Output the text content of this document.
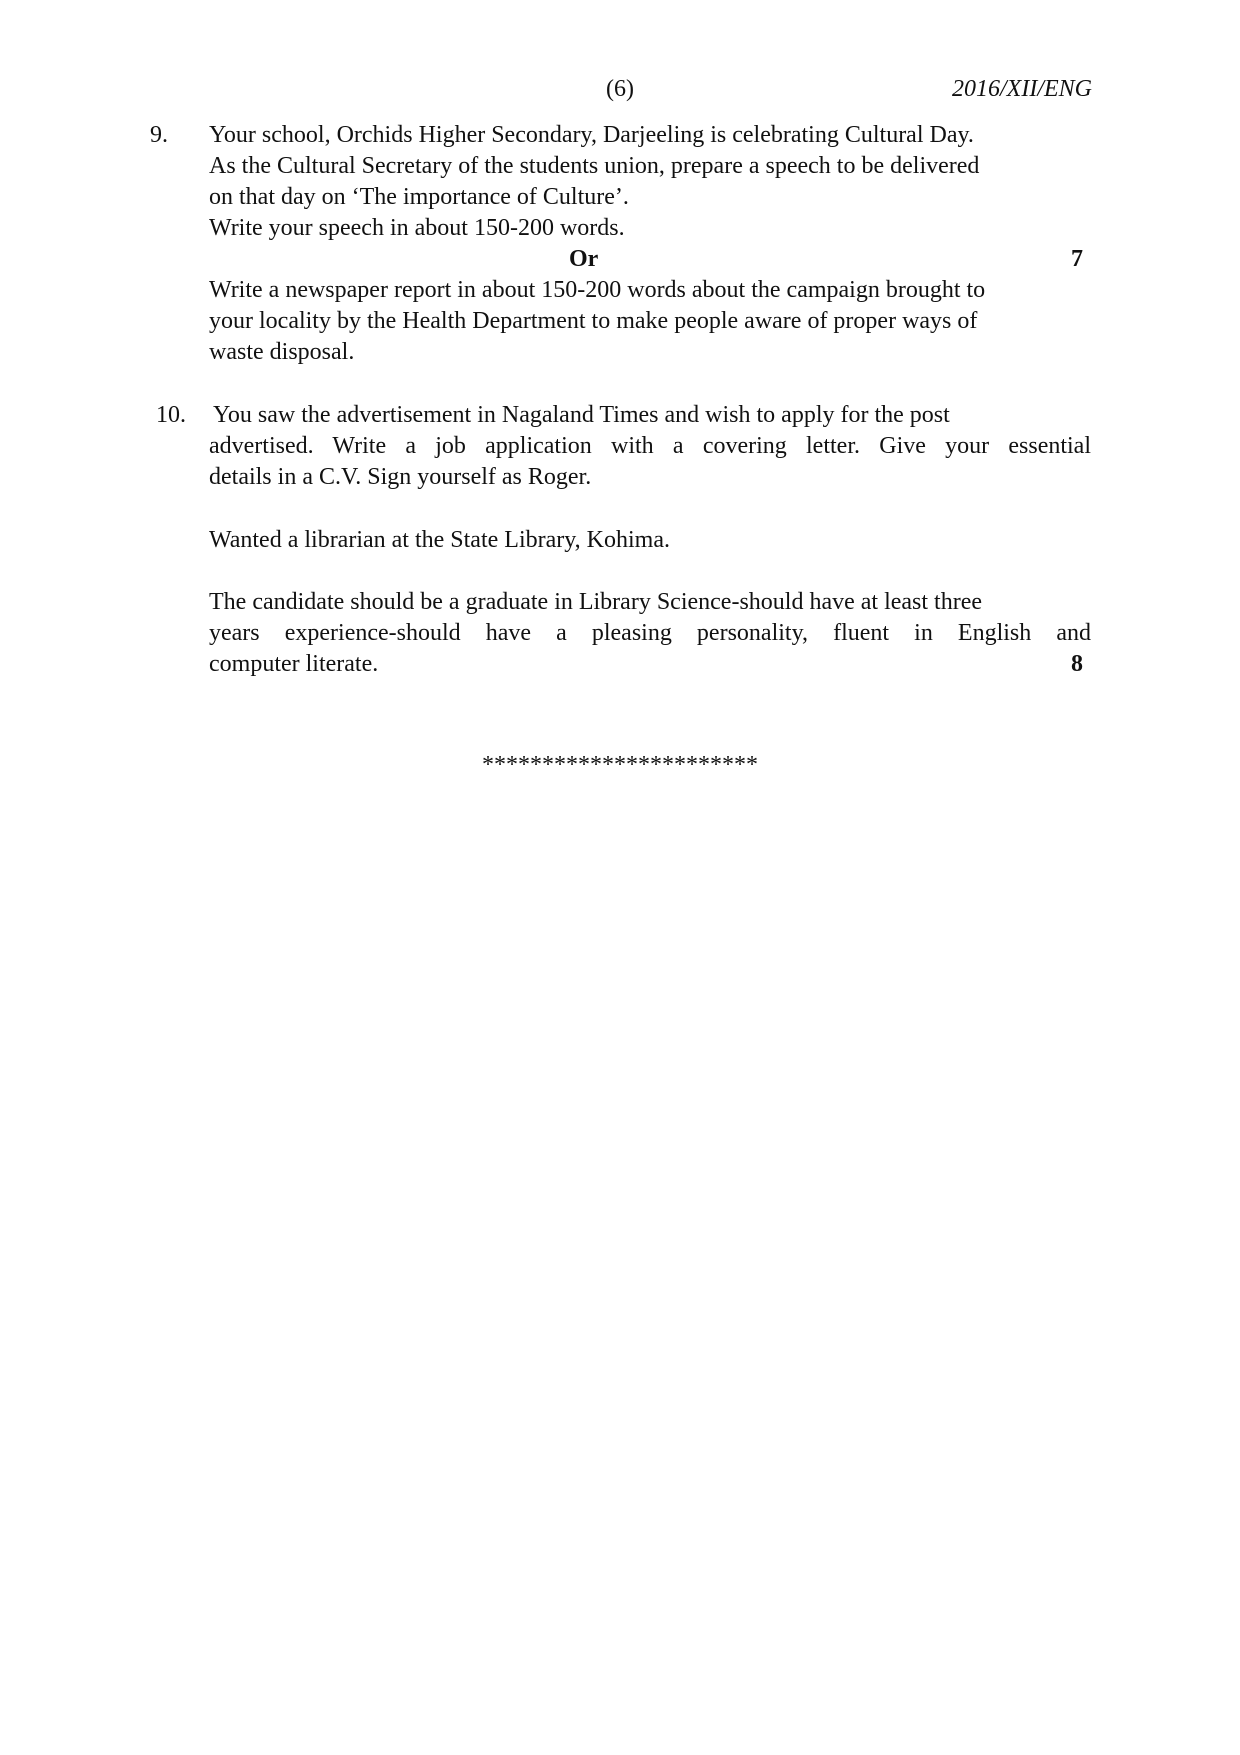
(6)	2016/XII/ENG
9. Your school, Orchids Higher Secondary, Darjeeling is celebrating Cultural Day.
As the Cultural Secretary of the students union, prepare a speech to be delivered
on that day on ‘The importance of Culture’.
Write your speech in about 150-200 words.
Or	7
Write a newspaper report in about 150-200 words about the campaign brought to
your locality by the Health Department to make people aware of proper ways of
waste disposal.
10. You saw the advertisement in Nagaland Times and wish to apply for the post
advertised. Write a job application with a covering letter. Give your essential
details in a C.V. Sign yourself as Roger.
Wanted a librarian at the State Library, Kohima.
The candidate should be a graduate in Library Science-should have at least three
years experience-should have a pleasing personality, fluent in English and
computer literate.	8
***********************
